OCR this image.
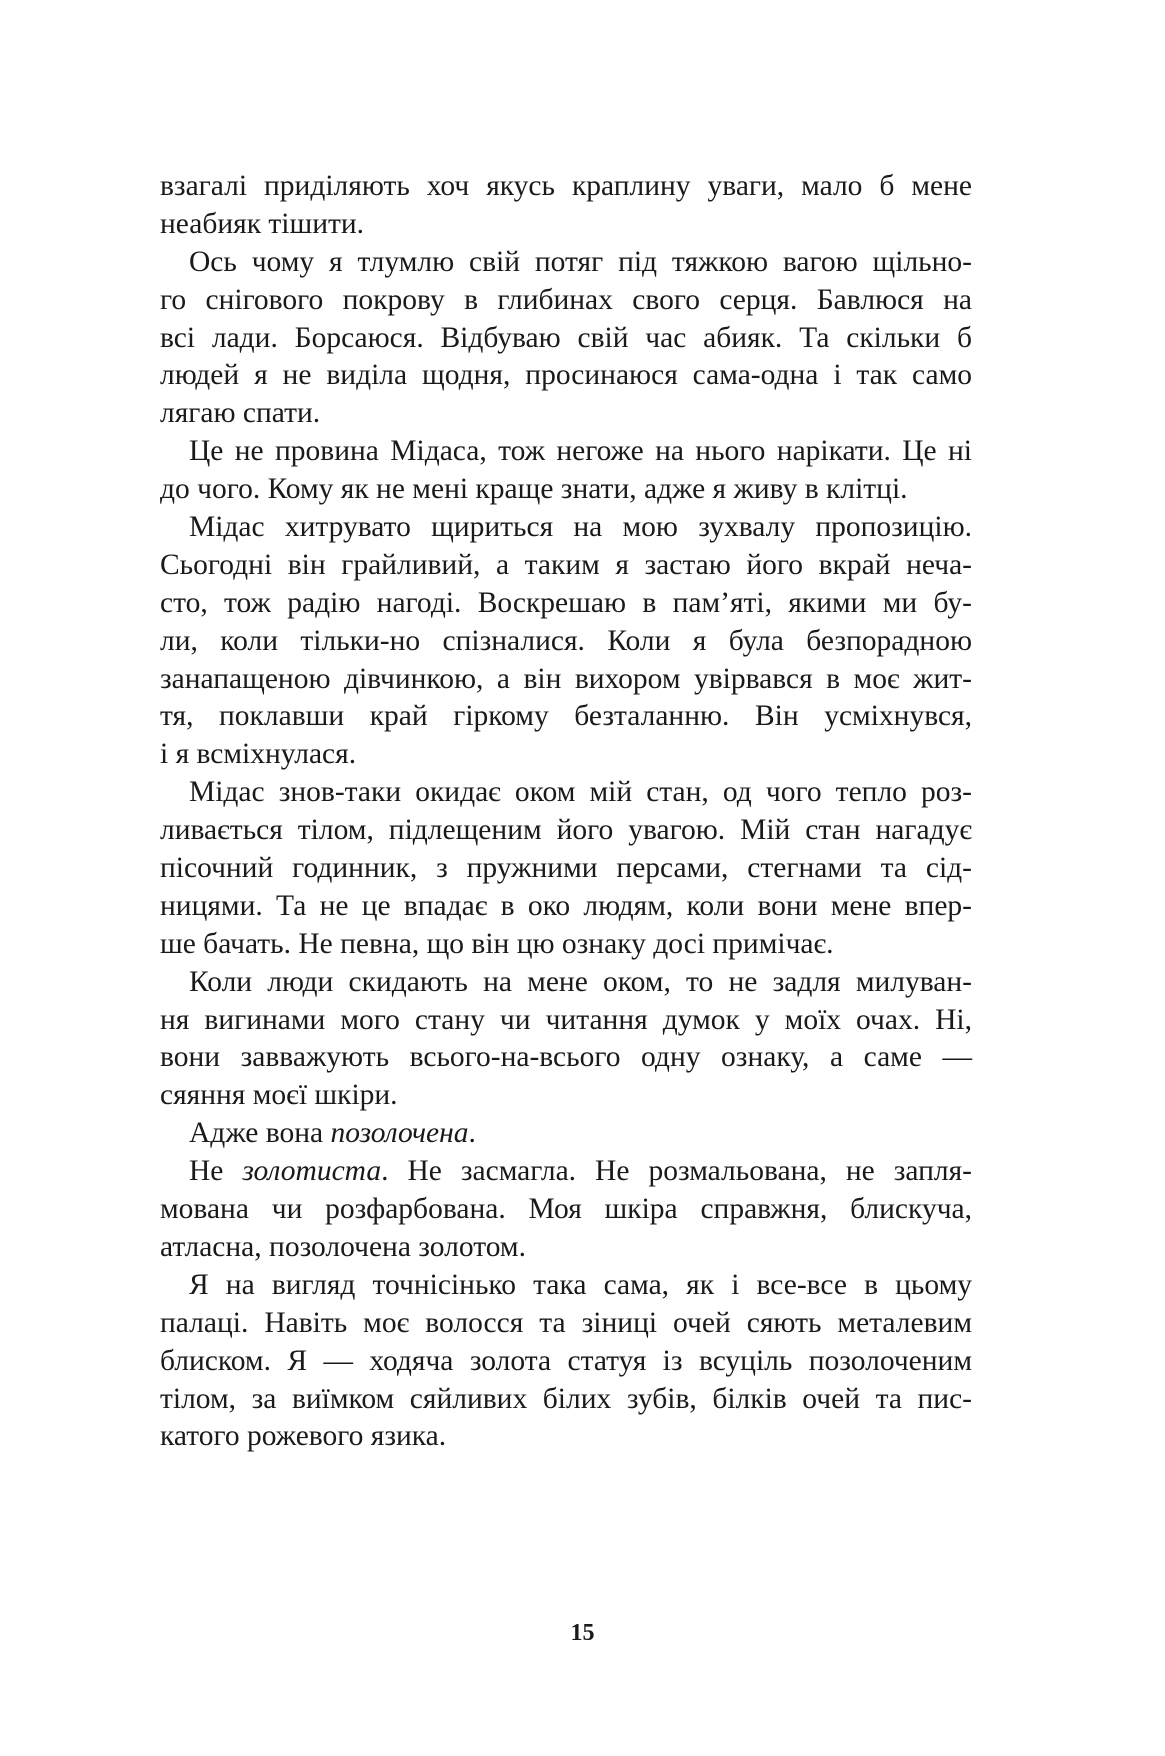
взагалі приділяють хоч якусь краплину уваги, мало б мене
неабияк тішити.
Ось чому я тлумлю свій потяг під тяжкою вагою щільно-
го снігового покрову в глибинах свого серця. Бавлюся на
всі лади. Борсаюся. Відбуваю свій час абияк. Та скільки б
людей я не виділа щодня, просинаюся сама-одна і так само
лягаю спати.
Це не провина Мідаса, тож негоже на нього нарікати. Це ні
до чого. Кому як не мені краще знати, адже я живу в клітці.
Мідас хитрувато щириться на мою зухвалу пропозицію.
Сьогодні він грайливий, а таким я застаю його вкрай неча-
сто, тож радію нагоді. Воскрешаю в пам’яті, якими ми бу-
ли, коли тільки-но спізналися. Коли я була безпорадною
занапащеною дівчинкою, а він вихором увірвався в моє жит-
тя, поклавши край гіркому безталанню. Він усміхнувся,
і я всміхнулася.
Мідас знов-таки окидає оком мій стан, од чого тепло роз-
ливається тілом, підлещеним його увагою. Мій стан нагадує
пісочний годинник, з пружними персами, стегнами та сід-
ницями. Та не це впадає в око людям, коли вони мене впер-
ше бачать. Не певна, що він цю ознаку досі примічає.
Коли люди скидають на мене оком, то не задля милуван-
ня вигинами мого стану чи читання думок у моїх очах. Ні,
вони завважують всього-на-всього одну ознаку, а саме —
сяяння моєї шкіри.
Адже вона позолочена.
Не золотиста. Не засмагла. Не розмальована, не запля-
мована чи розфарбована. Моя шкіра справжня, блискуча,
атласна, позолочена золотом.
Я на вигляд точнісінько така сама, як і все-все в цьому
палаці. Навіть моє волосся та зіниці очей сяють металевим
блиском. Я — ходяча золота статуя із всуціль позолоченим
тілом, за виїмком сяйливих білих зубів, білків очей та пис-
катого рожевого язика.
15
